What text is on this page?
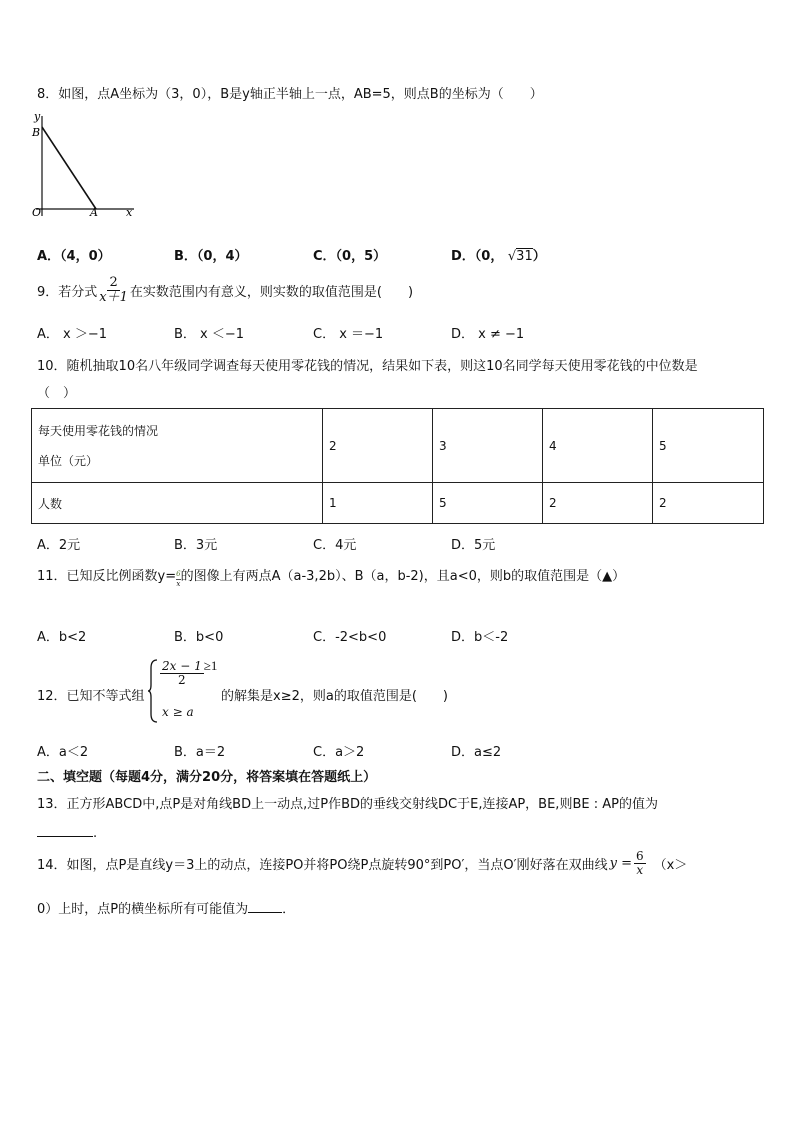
8．如图，点A坐标为（3，0），B是y轴正半轴上一点，AB=5，则点B的坐标为（　　）
y
B
O	A	x
A．（4，0）	B．（0，4）	C．（0，5）	D．（0， √31）
9．若分式 $\frac{2}{x+1}$ 在实数范围内有意义，则实数的取值范围是(　　)
A． x ＞−1	B． x ＜−1	C． x ＝−1	D． x ≠ −1
10．随机抽取10名八年级同学调查每天使用零花钱的情况，结果如下表，则这10名同学每天使用零花钱的中位数是
（　）
每天使用零花钱的情况
单位（元）	2	3	4	5
人数	1	5	2	2
A．2元	B．3元	C．4元	D．5元
11．已知反比例函数$y= \frac{6}{x}$ 的图像上有两点A（a-3,2b）、B（a，b-2)，且a<0，则b的取值范围是（▲）
A．b<2	B．b<0	C．-2<b<0	D．b＜-2
12．已知不等式组
$\frac{2x - 1}{2} \ge 1$
x ≥ a
的解集是x≥2，则a的取值范围是(　　)
A．a＜2	B．a＝2	C．a＞2	D．a≤2
二、填空题（每题4分，满分20分，将答案填在答题纸上）
13．正方形ABCD中,点P是对角线BD上一动点,过P作BD的垂线交射线DC于E,连接AP，BE,则BE : AP的值为
.
14．如图，点P是直线y＝3上的动点，连接PO并将PO绕P点旋转90°到PO′，当点O′刚好落在双曲线 $y = \frac{6}{x} (x>$
0）上时，点P的横坐标所有可能值为	．
